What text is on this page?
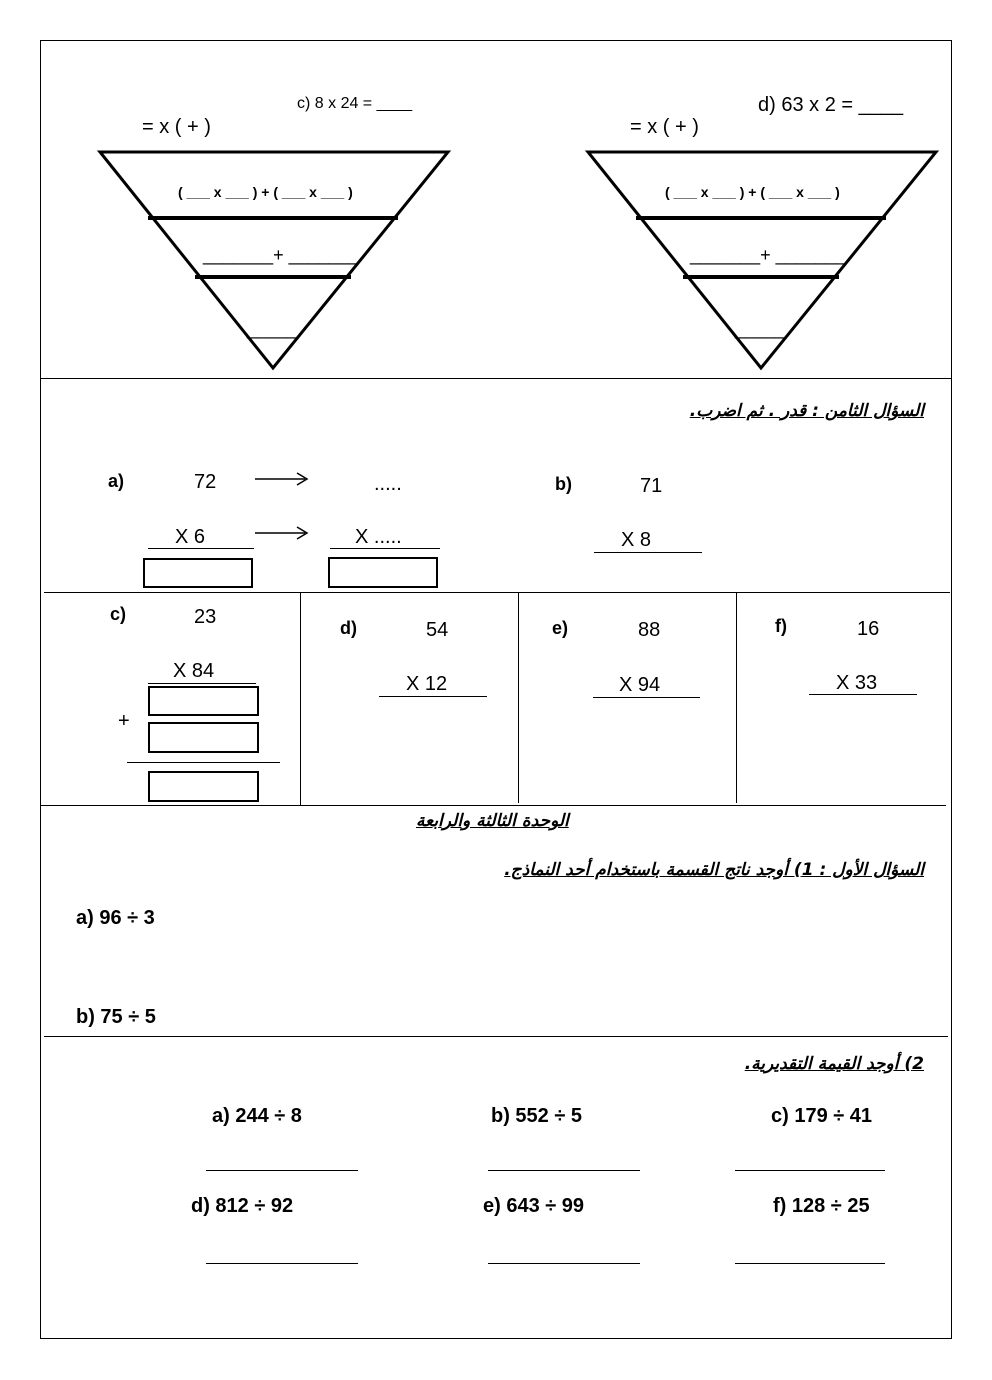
c) 8 x 24 = ____
= x ( + )
( ___ x ___ ) + ( ___ x ___ )
_______+ _______
_____
d) 63 x 2 = ____
= x ( + )
( ___ x ___ ) + ( ___ x ___ )
_______+ _______
_____
السؤال الثامن : قدر . ثم اضرب.
a)	72	.....
X 6	X .....
b)	71
X 8
c)	23
X 84
+
d)	54
X 12
e)	88
X 94
f)	16
X 33
الوحدة الثالثة والرابعة
السؤال الأول : 1) أوجد ناتج القسمة باستخدام أحد النماذج.
a) 96 ÷ 3
b) 75 ÷ 5
2) أوجد القيمة التقديرية.
a) 244 ÷ 8	b) 552 ÷ 5	c) 179 ÷ 41
d) 812 ÷ 92	e) 643 ÷ 99	f) 128 ÷ 25
